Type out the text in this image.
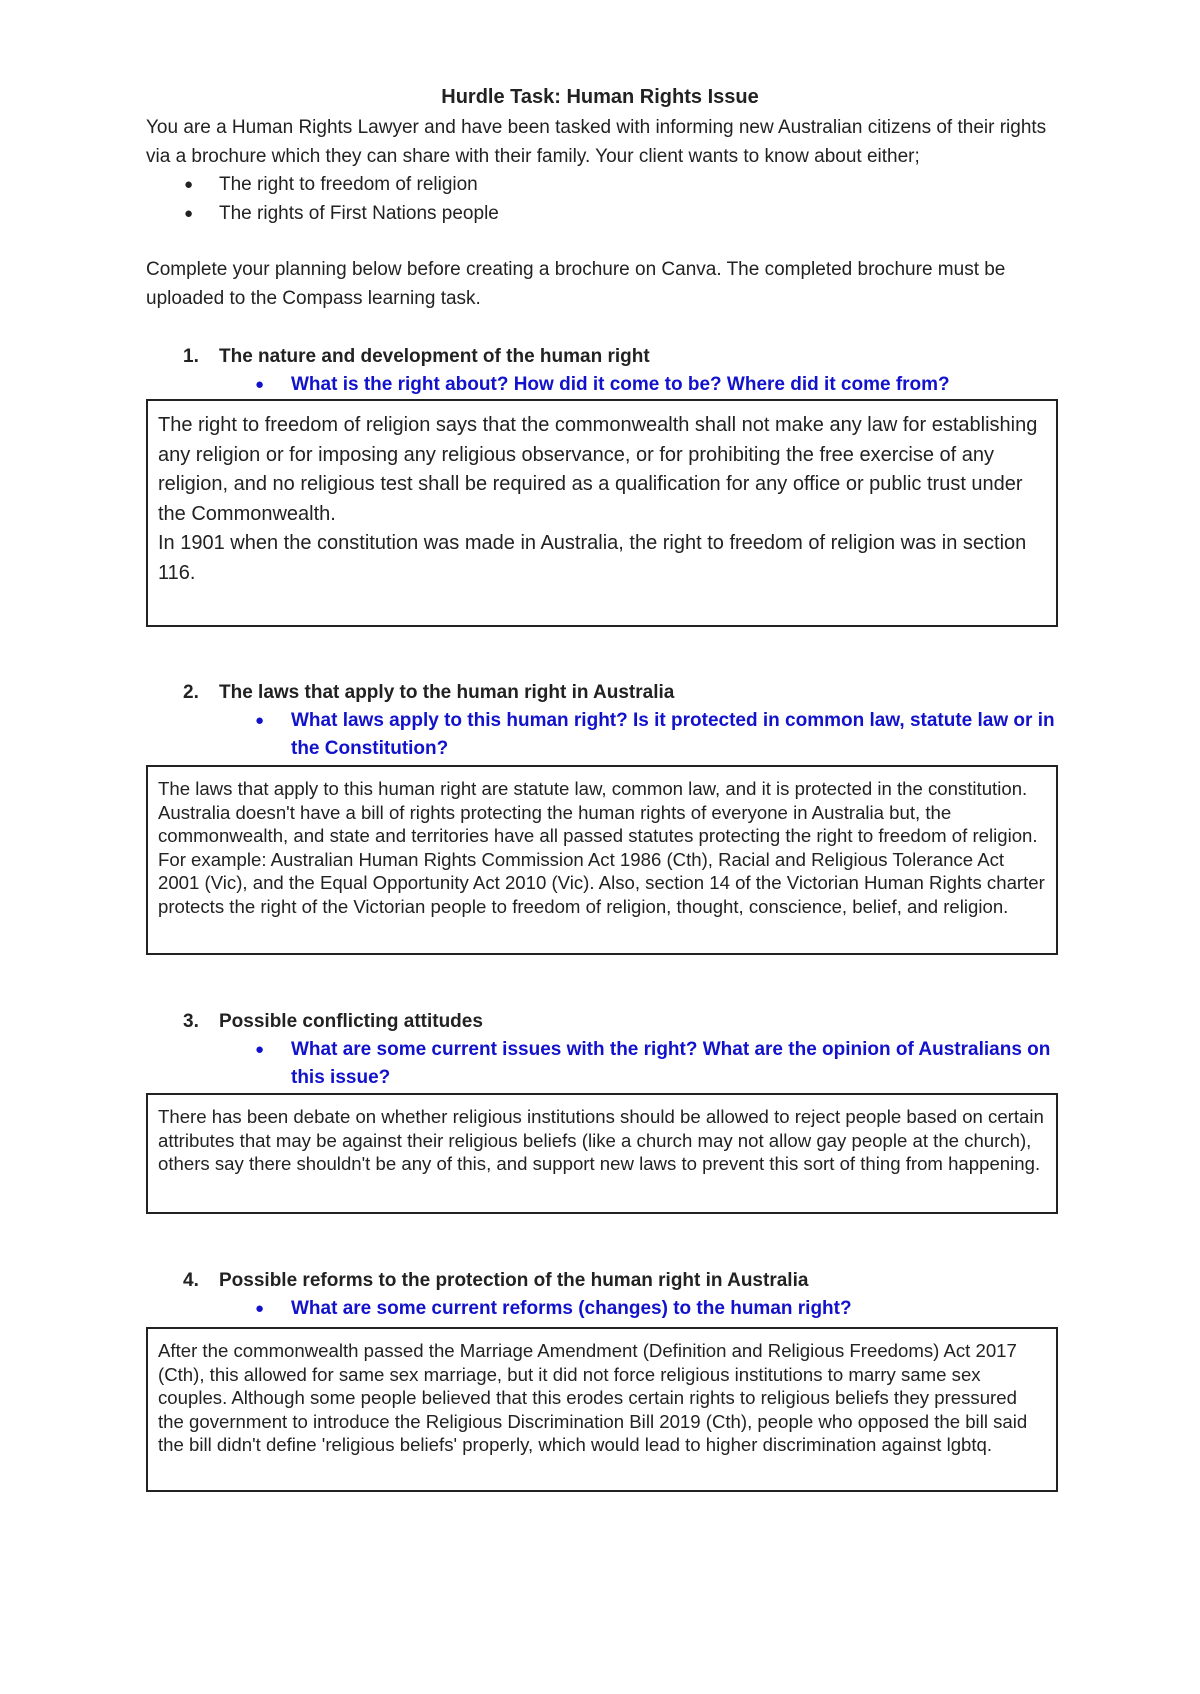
Hurdle Task: Human Rights Issue

You are a Human Rights Lawyer and have been tasked with informing new Australian citizens of their rights via a brochure which they can share with their family. Your client wants to know about either;

● The right to freedom of religion
● The rights of First Nations people

Complete your planning below before creating a brochure on Canva. The completed brochure must be uploaded to the Compass learning task.

1. The nature and development of the human right
●	What is the right about? How did it come to be? Where did it come from?

The right to freedom of religion says that the commonwealth shall not make any law for establishing any religion or for imposing any religious observance, or for prohibiting the free exercise of any religion, and no religious test shall be required as a qualification for any office or public trust under the Commonwealth.

In 1901 when the constitution was made in Australia, the right to freedom of religion was in section 116.

2. The laws that apply to the human right in Australia
●	What laws apply to this human right? Is it protected in common law, statute law or in the Constitution?

The laws that apply to this human right are statute law, common law, and it is protected in the constitution. Australia doesn't have a bill of rights protecting the human rights of everyone in Australia but, the commonwealth, and state and territories have all passed statutes protecting the right to freedom of religion. For example: Australian Human Rights Commission Act 1986 (Cth), Racial and Religious Tolerance Act 2001 (Vic), and the Equal Opportunity Act 2010 (Vic). Also, section 14 of the Victorian Human Rights charter protects the right of the Victorian people to freedom of religion, thought, conscience, belief, and religion.

3. Possible conflicting attitudes
●	What are some current issues with the right? What are the opinion of Australians on this issue?

There has been debate on whether religious institutions should be allowed to reject people based on certain attributes that may be against their religious beliefs (like a church may not allow gay people at the church), others say there shouldn't be any of this, and support new laws to prevent this sort of thing from happening.

4. Possible reforms to the protection of the human right in Australia
●	What are some current reforms (changes) to the human right?

After the commonwealth passed the Marriage Amendment (Definition and Religious Freedoms) Act 2017 (Cth), this allowed for same sex marriage, but it did not force religious institutions to marry same sex couples. Although some people believed that this erodes certain rights to religious beliefs they pressured the government to introduce the Religious Discrimination Bill 2019 (Cth), people who opposed the bill said the bill didn't define 'religious beliefs' properly, which would lead to higher discrimination against lgbtq.
